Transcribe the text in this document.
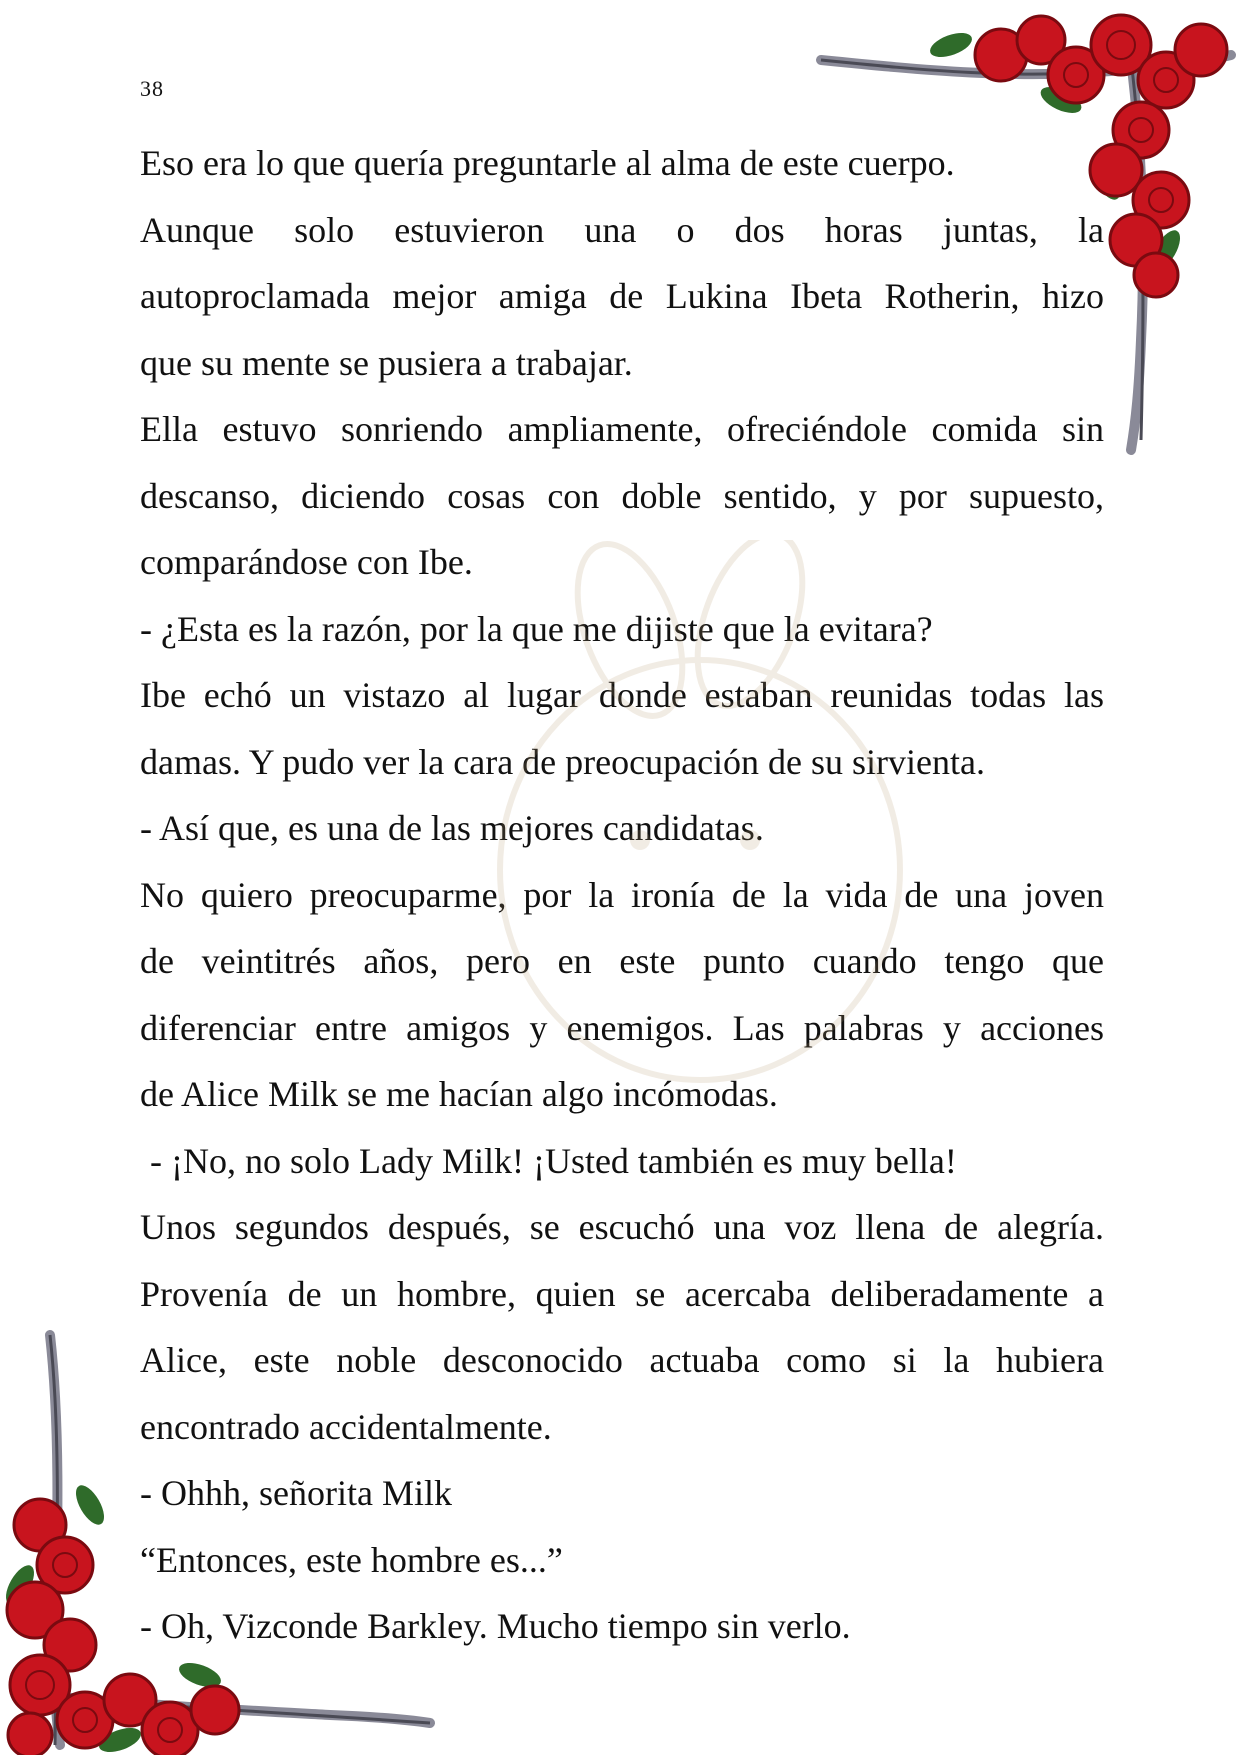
38
Eso era lo que quería preguntarle al alma de este cuerpo.
Aunque solo estuvieron una o dos horas juntas, la
autoproclamada mejor amiga de Lukina Ibeta Rotherin, hizo
que su mente se pusiera a trabajar.
Ella estuvo sonriendo ampliamente, ofreciéndole comida sin
descanso, diciendo cosas con doble sentido, y por supuesto,
comparándose con Ibe.
- ¿Esta es la razón, por la que me dijiste que la evitara?
Ibe echó un vistazo al lugar donde estaban reunidas todas las
damas. Y pudo ver la cara de preocupación de su sirvienta.
- Así que, es una de las mejores candidatas.
No quiero preocuparme, por la ironía de la vida de una joven
de veintitrés años, pero en este punto cuando tengo que
diferenciar entre amigos y enemigos. Las palabras y acciones
de Alice Milk se me hacían algo incómodas.
- ¡No, no solo Lady Milk! ¡Usted también es muy bella!
Unos segundos después, se escuchó una voz llena de alegría.
Provenía de un hombre, quien se acercaba deliberadamente a
Alice, este noble desconocido actuaba como si la hubiera
encontrado accidentalmente.
- Ohhh, señorita Milk
“Entonces, este hombre es...”
- Oh, Vizconde Barkley. Mucho tiempo sin verlo.
